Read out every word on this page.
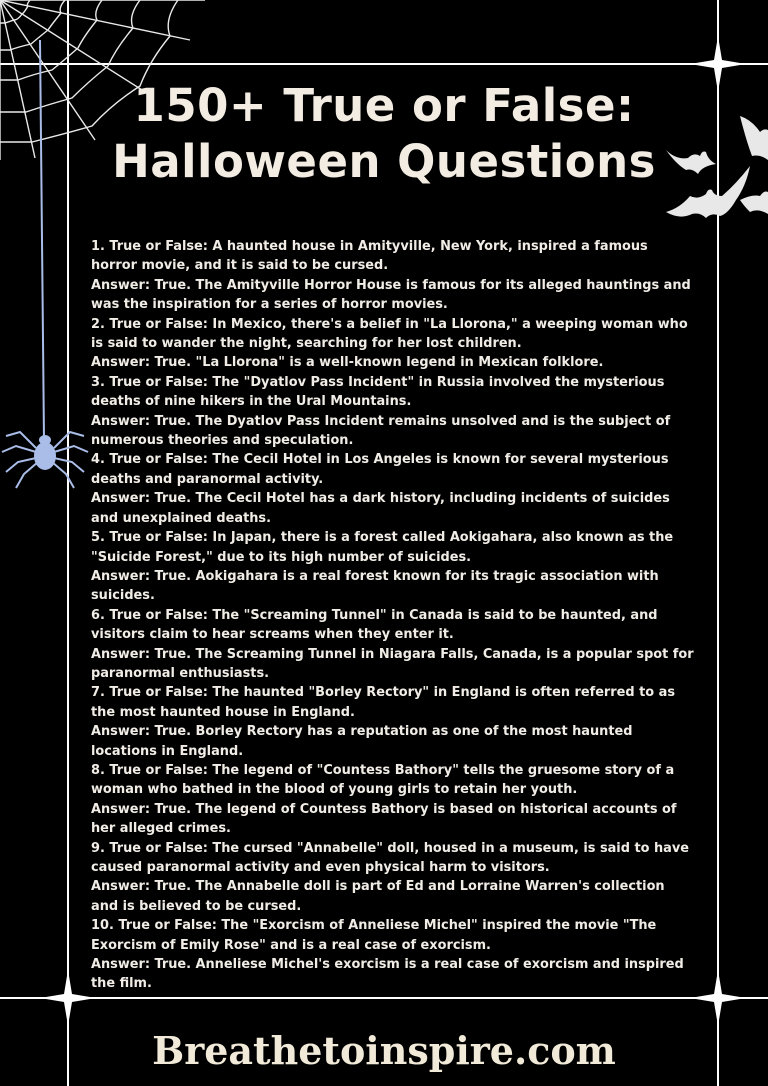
150+ True or False:
Halloween Questions

1. True or False: A haunted house in Amityville, New York, inspired a famous horror movie, and it is said to be cursed.

Answer: True. The Amityville Horror House is famous for its alleged hauntings and was the inspiration for a series of horror movies.

2. True or False: In Mexico, there's a belief in "La Llorona," a weeping woman who is said to wander the night, searching for her lost children.

Answer: True. "La Llorona" is a well-known legend in Mexican folklore.

3. True or False: The "Dyatlov Pass Incident" in Russia involved the mysterious deaths of nine hikers in the Ural Mountains.

Answer: True. The Dyatlov Pass Incident remains unsolved and is the subject of numerous theories and speculation.

4. True or False: The Cecil Hotel in Los Angeles is known for several mysterious deaths and paranormal activity.

Answer: True. The Cecil Hotel has a dark history, including incidents of suicides and unexplained deaths.

5. True or False: In Japan, there is a forest called Aokigahara, also known as the "Suicide Forest," due to its high number of suicides.

Answer: True. Aokigahara is a real forest known for its tragic association with suicides.

6. True or False: The "Screaming Tunnel" in Canada is said to be haunted, and visitors claim to hear screams when they enter it.

Answer: True. The Screaming Tunnel in Niagara Falls, Canada, is a popular spot for paranormal enthusiasts.

7. True or False: The haunted "Borley Rectory" in England is often referred to as the most haunted house in England.

Answer: True. Borley Rectory has a reputation as one of the most haunted locations in England.

8. True or False: The legend of "Countess Bathory" tells the gruesome story of a woman who bathed in the blood of young girls to retain her youth.

Answer: True. The legend of Countess Bathory is based on historical accounts of her alleged crimes.

9. True or False: The cursed "Annabelle" doll, housed in a museum, is said to have caused paranormal activity and even physical harm to visitors.

Answer: True. The Annabelle doll is part of Ed and Lorraine Warren's collection and is believed to be cursed.

10. True or False: The "Exorcism of Anneliese Michel" inspired the movie "The Exorcism of Emily Rose" and is a real case of exorcism.

Answer: True. Anneliese Michel's exorcism is a real case of exorcism and inspired the film.

Breathetoinspire.com
